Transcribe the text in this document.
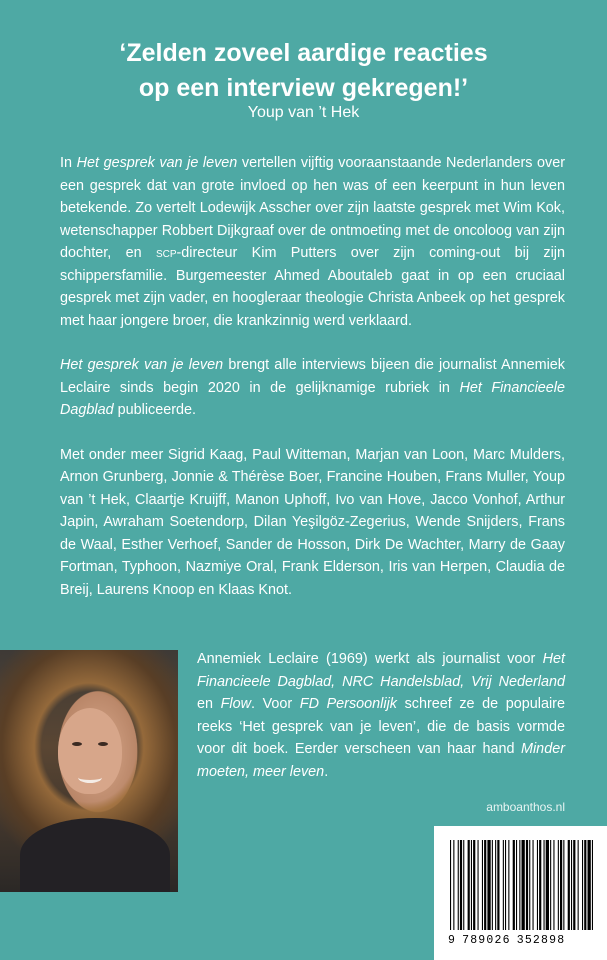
‘Zelden zoveel aardige reacties
op een interview gekregen!’
Youp van ’t Hek

In Het gesprek van je leven vertellen vijftig vooraanstaande Nederlanders over een gesprek dat van grote invloed op hen was of een keerpunt in hun leven betekende. Zo vertelt Lodewijk Asscher over zijn laatste gesprek met Wim Kok, wetenschapper Robbert Dijkgraaf over de ontmoeting met de oncoloog van zijn dochter, en scp-directeur Kim Putters over zijn coming-out bij zijn schippersfamilie. Burgemeester Ahmed Aboutaleb gaat in op een cruciaal gesprek met zijn vader, en hoogleraar theologie Christa Anbeek op het gesprek met haar jongere broer, die krankzinnig werd verklaard.

Het gesprek van je leven brengt alle interviews bijeen die journalist Annemiek Leclaire sinds begin 2020 in de gelijknamige rubriek in Het Financieele Dagblad publiceerde.

Met onder meer Sigrid Kaag, Paul Witteman, Marjan van Loon, Marc Mulders, Arnon Grunberg, Jonnie & Thérèse Boer, Francine Houben, Frans Muller, Youp van ’t Hek, Claartje Kruijff, Manon Uphoff, Ivo van Hove, Jacco Vonhof, Arthur Japin, Awraham Soetendorp, Dilan Yeşilgöz-Zegerius, Wende Snijders, Frans de Waal, Esther Verhoef, Sander de Hosson, Dirk De Wachter, Marry de Gaay Fortman, Typhoon, Nazmiye Oral, Frank Elderson, Iris van Herpen, Claudia de Breij, Laurens Knoop en Klaas Knot.

Annemiek Leclaire (1969) werkt als journalist voor Het Financieele Dagblad, NRC Handelsblad, Vrij Nederland en Flow. Voor FD Persoonlijk schreef ze de populaire reeks ‘Het gesprek van je leven’, die de basis vormde voor dit boek. Eerder verscheen van haar hand Minder moeten, meer leven.

amboanthos.nl
9 789026 352898
